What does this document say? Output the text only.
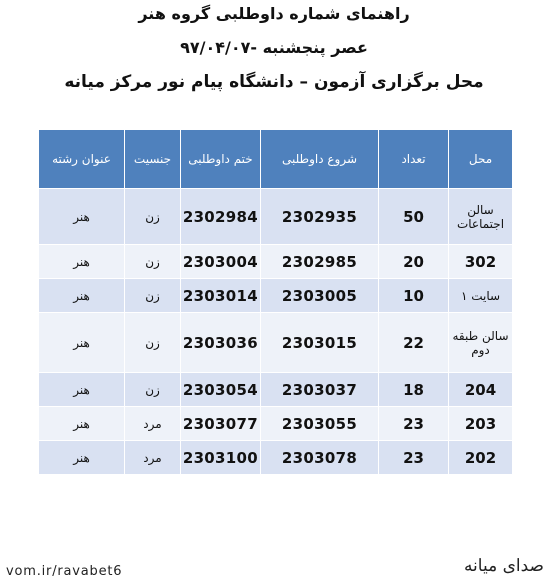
راهنمای شماره داوطلبی گروه هنر
عصر پنجشنبه -۹۷/۰۴/۰۷
محل برگزاری آزمون – دانشگاه پیام نور مرکز میانه
محل	تعداد	شروع داوطلبی	ختم داوطلبی	جنسیت	عنوان رشته
سالن اجتماعات	50	2302935	2302984	زن	هنر
302	20	2302985	2303004	زن	هنر
سایت ۱	10	2303005	2303014	زن	هنر
سالن طبقه دوم	22	2303015	2303036	زن	هنر
204	18	2303037	2303054	زن	هنر
203	23	2303055	2303077	مرد	هنر
202	23	2303078	2303100	مرد	هنر
vom.ir/ravabet6	صدای میانه
